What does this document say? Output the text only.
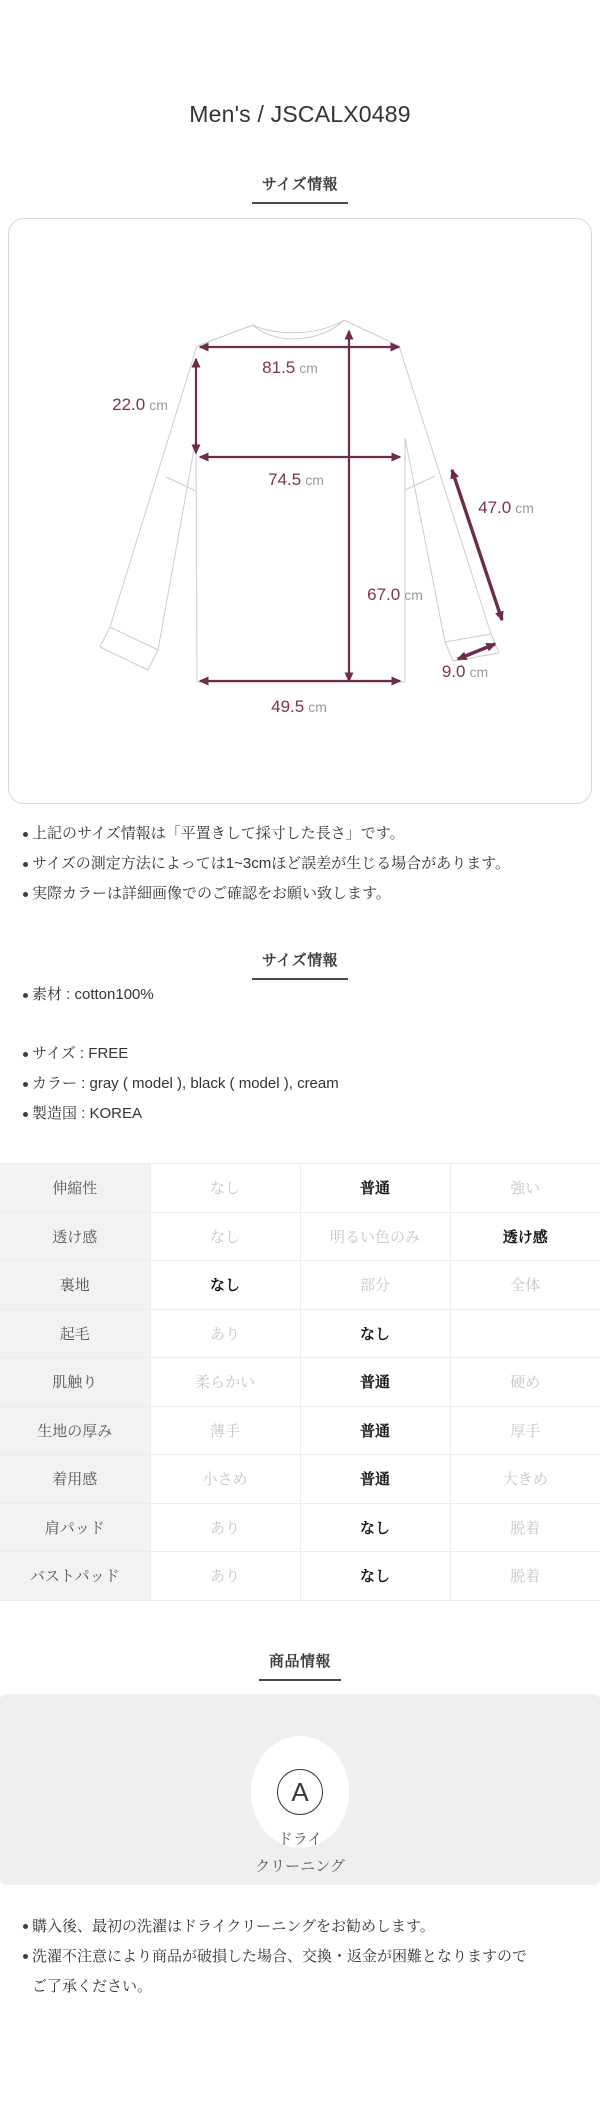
Men's / JSCALX0489
サイズ情報
81.5 cm
22.0 cm
74.5 cm
47.0 cm
67.0 cm
9.0 cm
49.5 cm
上記のサイズ情報は「平置きして採寸した長さ」です。
サイズの測定方法によっては1~3cmほど誤差が生じる場合があります。
実際カラーは詳細画像でのご確認をお願い致します。
サイズ情報
素材 : cotton100%
サイズ : FREE
カラー : gray ( model ), black ( model ), cream
製造国 : KOREA
伸縮性	なし	普通	強い
透け感	なし	明るい色のみ	透け感
裏地	なし	部分	全体
起毛	あり	なし	
肌触り	柔らかい	普通	硬め
生地の厚み	薄手	普通	厚手
着用感	小さめ	普通	大きめ
肩パッド	あり	なし	脱着
バストパッド	あり	なし	脱着
商品情報
A
ドライ
クリーニング
購入後、最初の洗濯はドライクリーニングをお勧めします。
洗濯不注意により商品が破損した場合、交換・返金が困難となりますのでご了承ください。
